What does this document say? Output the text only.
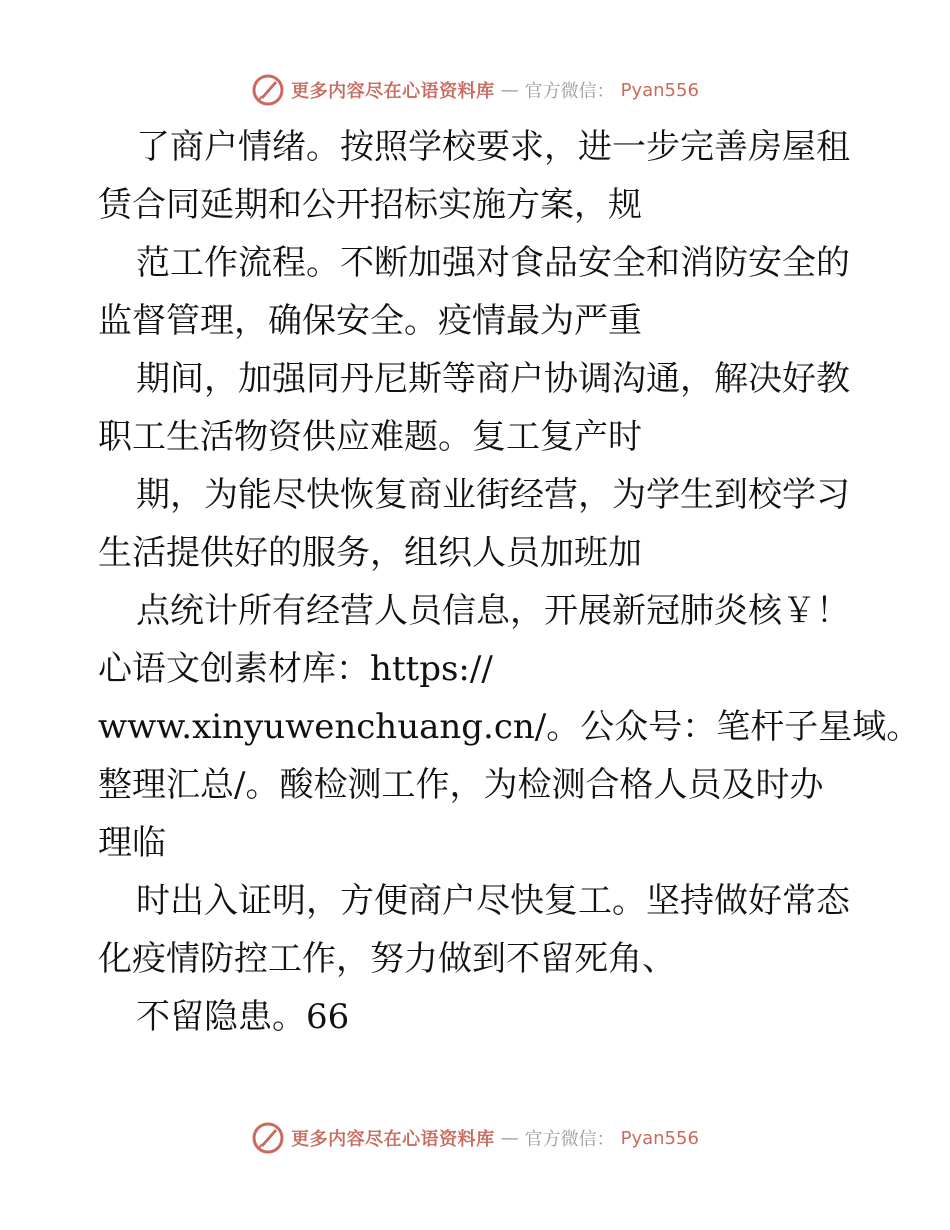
更多内容尽在心语资料库 — 官方微信： Pyan556
了商户情绪。按照学校要求，进一步完善房屋租
赁合同延期和公开招标实施方案，规
范工作流程。不断加强对食品安全和消防安全的
监督管理，确保安全。疫情最为严重
期间，加强同丹尼斯等商户协调沟通，解决好教
职工生活物资供应难题。复工复产时
期，为能尽快恢复商业街经营，为学生到校学习
生活提供好的服务，组织人员加班加
点统计所有经营人员信息，开展新冠肺炎核￥！
心语文创素材库：https://
www.xinyuwenchuang.cn/。公众号：笔杆子星域。
整理汇总/。酸检测工作，为检测合格人员及时办
理临
时出入证明，方便商户尽快复工。坚持做好常态
化疫情防控工作，努力做到不留死角、
不留隐患。66
更多内容尽在心语资料库 — 官方微信： Pyan556
